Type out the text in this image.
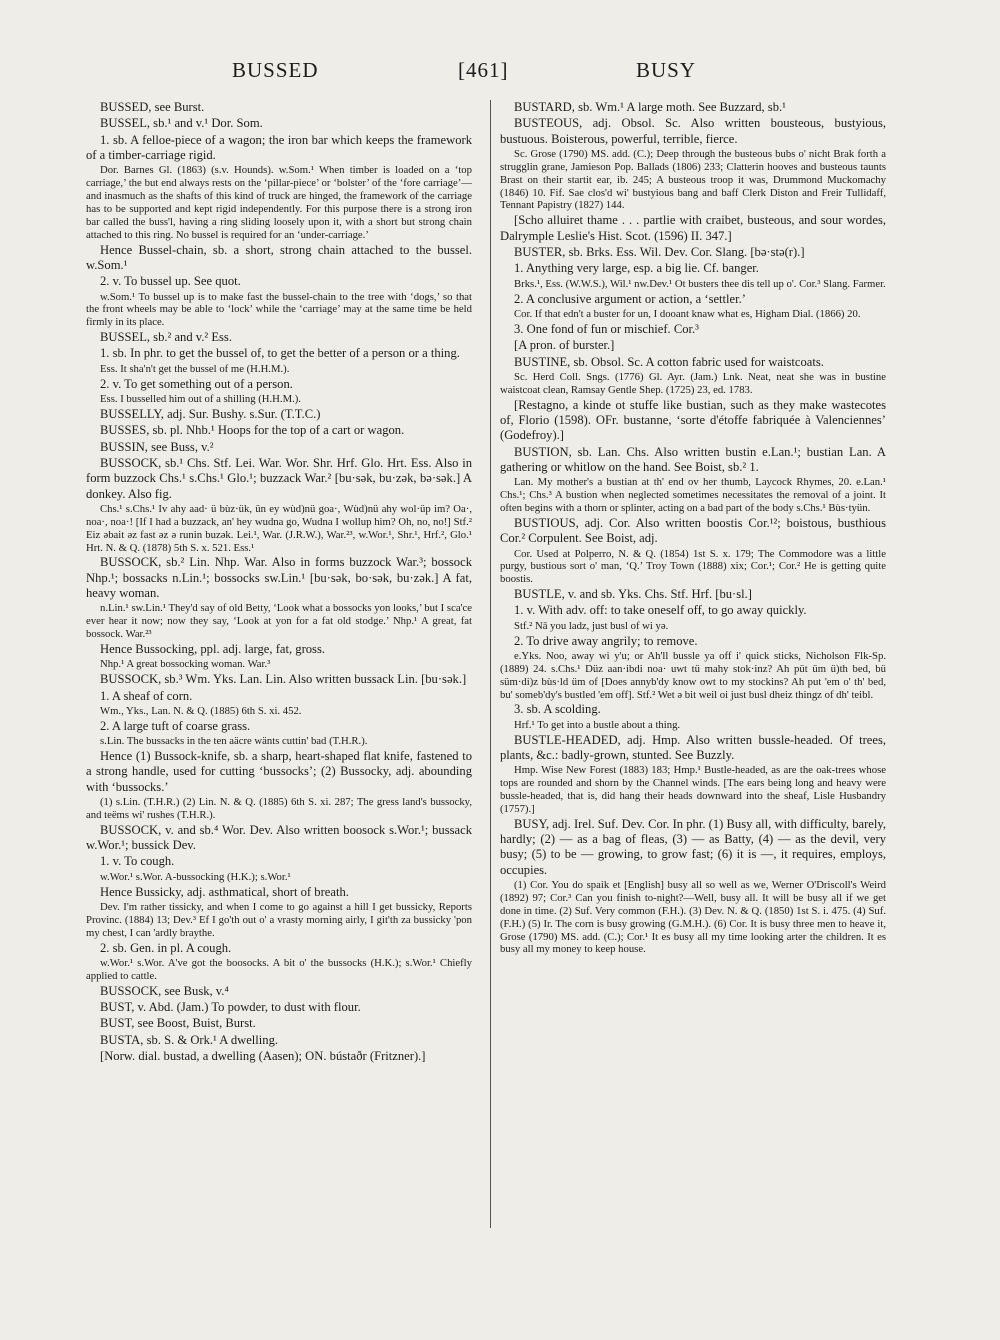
BUSSED	[461]	BUSY

BUSSED, see Burst.

BUSSEL, sb.¹ and v.¹ Dor. Som.

1. sb. A felloe-piece of a wagon; the iron bar which keeps the framework of a timber-carriage rigid.

Dor. Barnes Gl. (1863) (s.v. Hounds). w.Som.¹ When timber is loaded on a ‘top carriage,’ the but end always rests on the ‘pillar-piece’ or ‘bolster’ of the ‘fore carriage’—and inasmuch as the shafts of this kind of truck are hinged, the framework of the carriage has to be supported and kept rigid independently. For this purpose there is a strong iron bar called the buss'l, having a ring sliding loosely upon it, with a short but strong chain attached to this ring. No bussel is required for an ‘under-carriage.’

Hence Bussel-chain, sb. a short, strong chain attached to the bussel. w.Som.¹

2. v. To bussel up. See quot.

w.Som.¹ To bussel up is to make fast the bussel-chain to the tree with ‘dogs,’ so that the front wheels may be able to ‘lock’ while the ‘carriage’ may at the same time be held firmly in its place.

BUSSEL, sb.² and v.² Ess.

1. sb. In phr. to get the bussel of, to get the better of a person or a thing.

Ess. It sha'n't get the bussel of me (H.H.M.).

2. v. To get something out of a person.

Ess. I busselled him out of a shilling (H.H.M.).

BUSSELLY, adj. Sur. Bushy. s.Sur. (T.T.C.)

BUSSES, sb. pl. Nhb.¹ Hoops for the top of a cart or wagon.

BUSSIN, see Buss, v.²

BUSSOCK, sb.¹ Chs. Stf. Lei. War. Wor. Shr. Hrf. Glo. Hrt. Ess. Also in form buzzock Chs.¹ s.Chs.¹ Glo.¹; buzzack War.² [bu·sək, bu·zək, bə·sək.] A donkey. Also fig.

Chs.¹ s.Chs.¹ Iv ahy aad· ü bùz·ük, ün ey wùd)nü goa·, Wùd)nü ahy wol·üp im? Oa·, noa·, noa·! [If I had a buzzack, an' hey wudna go, Wudna I wollup him? Oh, no, no!] Stf.² Eiz əbait əz fast əz ə runin buzək. Lei.¹, War. (J.R.W.), War.²³, w.Wor.¹, Shr.¹, Hrf.², Glo.¹ Hrt. N. & Q. (1878) 5th S. x. 521. Ess.¹

BUSSOCK, sb.² Lin. Nhp. War. Also in forms buzzock War.³; bossock Nhp.¹; bossacks n.Lin.¹; bossocks sw.Lin.¹ [bu·sək, bo·sək, bu·zək.] A fat, heavy woman.

n.Lin.¹ sw.Lin.¹ They'd say of old Betty, ‘Look what a bossocks yon looks,’ but I sca'ce ever hear it now; now they say, ‘Look at yon for a fat old stodge.’ Nhp.¹ A great, fat bossock. War.²³

Hence Bussocking, ppl. adj. large, fat, gross.

Nhp.¹ A great bossocking woman. War.³

BUSSOCK, sb.³ Wm. Yks. Lan. Lin. Also written bussack Lin. [bu·sək.]

1. A sheaf of corn.

Wm., Yks., Lan. N. & Q. (1885) 6th S. xi. 452.

2. A large tuft of coarse grass.

s.Lin. The bussacks in the ten aäcre wänts cuttin' bad (T.H.R.).

Hence (1) Bussock-knife, sb. a sharp, heart-shaped flat knife, fastened to a strong handle, used for cutting ‘bussocks’; (2) Bussocky, adj. abounding with ‘bussocks.’

(1) s.Lin. (T.H.R.) (2) Lin. N. & Q. (1885) 6th S. xi. 287; The gress land's bussocky, and teëms wi' rushes (T.H.R.).

BUSSOCK, v. and sb.⁴ Wor. Dev. Also written boosock s.Wor.¹; bussack w.Wor.¹; bussick Dev.

1. v. To cough.

w.Wor.¹ s.Wor. A-bussocking (H.K.); s.Wor.¹

Hence Bussicky, adj. asthmatical, short of breath.

Dev. I'm rather tissicky, and when I come to go against a hill I get bussicky, Reports Provinc. (1884) 13; Dev.³ Ef I go'th out o' a vrasty morning airly, I git'th za bussicky 'pon my chest, I can 'ardly braythe.

2. sb. Gen. in pl. A cough.

w.Wor.¹ s.Wor. A've got the boosocks. A bit o' the bussocks (H.K.); s.Wor.¹ Chiefly applied to cattle.

BUSSOCK, see Busk, v.⁴

BUST, v. Abd. (Jam.) To powder, to dust with flour.

BUST, see Boost, Buist, Burst.

BUSTA, sb. S. & Ork.¹ A dwelling.

[Norw. dial. bustad, a dwelling (Aasen); ON. bústaðr (Fritzner).]

BUSTARD, sb. Wm.¹ A large moth. See Buzzard, sb.¹

BUSTEOUS, adj. Obsol. Sc. Also written bousteous, bustyious, bustuous. Boisterous, powerful, terrible, fierce.

Sc. Grose (1790) MS. add. (C.); Deep through the busteous bubs o' nicht Brak forth a strugglin grane, Jamieson Pop. Ballads (1806) 233; Clatterin hooves and busteous taunts Brast on their startit ear, ib. 245; A busteous troop it was, Drummond Muckomachy (1846) 10. Fif. Sae clos'd wi' bustyious bang and baff Clerk Diston and Freir Tullidaff, Tennant Papistry (1827) 144.

[Scho alluiret thame . . . partlie with craibet, busteous, and sour wordes, Dalrymple Leslie's Hist. Scot. (1596) II. 347.]

BUSTER, sb. Brks. Ess. Wil. Dev. Cor. Slang. [bə·stə(r).]

1. Anything very large, esp. a big lie. Cf. banger.

Brks.¹, Ess. (W.W.S.), Wil.¹ nw.Dev.¹ Ot busters thee dis tell up o'. Cor.³ Slang. Farmer.

2. A conclusive argument or action, a ‘settler.’

Cor. If that edn't a buster for un, I dooant knaw what es, Higham Dial. (1866) 20.

3. One fond of fun or mischief. Cor.³

[A pron. of burster.]

BUSTINE, sb. Obsol. Sc. A cotton fabric used for waistcoats.

Sc. Herd Coll. Sngs. (1776) Gl. Ayr. (Jam.) Lnk. Neat, neat she was in bustine waistcoat clean, Ramsay Gentle Shep. (1725) 23, ed. 1783.

[Restagno, a kinde ot stuffe like bustian, such as they make wastecotes of, Florio (1598). OFr. bustanne, ‘sorte d'étoffe fabriquée à Valenciennes’ (Godefroy).]

BUSTION, sb. Lan. Chs. Also written bustin e.Lan.¹; bustian Lan. A gathering or whitlow on the hand. See Boist, sb.² 1.

Lan. My mother's a bustian at th' end ov her thumb, Laycock Rhymes, 20. e.Lan.¹ Chs.¹; Chs.³ A bustion when neglected sometimes necessitates the removal of a joint. It often begins with a thorn or splinter, acting on a bad part of the body s.Chs.¹ Bùs·tyün.

BUSTIOUS, adj. Cor. Also written boostis Cor.¹²; boistous, busthious Cor.² Corpulent. See Boist, adj.

Cor. Used at Polperro, N. & Q. (1854) 1st S. x. 179; The Commodore was a little purgy, bustious sort o' man, ‘Q.’ Troy Town (1888) xix; Cor.¹; Cor.² He is getting quite boostis.

BUSTLE, v. and sb. Yks. Chs. Stf. Hrf. [bu·sl.]

1. v. With adv. off: to take oneself off, to go away quickly.

Stf.² Nā you ladz, just busl of wi yə.

2. To drive away angrily; to remove.

e.Yks. Noo, away wi y'u; or Ah'll bussle ya off i' quick sticks, Nicholson Flk-Sp. (1889) 24. s.Chs.¹ Düz aan·ibdi noa· uwt tü mahy stok·inz? Ah püt üm ü)th bed, bü süm·di)z bùs·ld üm of [Does annyb'dy know owt to my stockins? Ah put 'em o' th' bed, bu' someb'dy's bustled 'em off]. Stf.² Wet ə bit weil oi just busl dheiz thingz of dh' teibl.

3. sb. A scolding.

Hrf.¹ To get into a bustle about a thing.

BUSTLE-HEADED, adj. Hmp. Also written bussle-headed. Of trees, plants, &c.: badly-grown, stunted. See Buzzly.

Hmp. Wise New Forest (1883) 183; Hmp.¹ Bustle-headed, as are the oak-trees whose tops are rounded and shorn by the Channel winds. [The ears being long and heavy were bussle-headed, that is, did hang their heads downward into the sheaf, Lisle Husbandry (1757).]

BUSY, adj. Irel. Suf. Dev. Cor. In phr. (1) Busy all, with difficulty, barely, hardly; (2) — as a bag of fleas, (3) — as Batty, (4) — as the devil, very busy; (5) to be — growing, to grow fast; (6) it is —, it requires, employs, occupies.

(1) Cor. You do spaik et [English] busy all so well as we, Werner O'Driscoll's Weird (1892) 97; Cor.³ Can you finish to-night?—Well, busy all. It will be busy all if we get done in time. (2) Suf. Very common (F.H.). (3) Dev. N. & Q. (1850) 1st S. i. 475. (4) Suf. (F.H.) (5) Ir. The corn is busy growing (G.M.H.). (6) Cor. It is busy three men to heave it, Grose (1790) MS. add. (C.); Cor.¹ It es busy all my time looking arter the children. It es busy all my money to keep house.
